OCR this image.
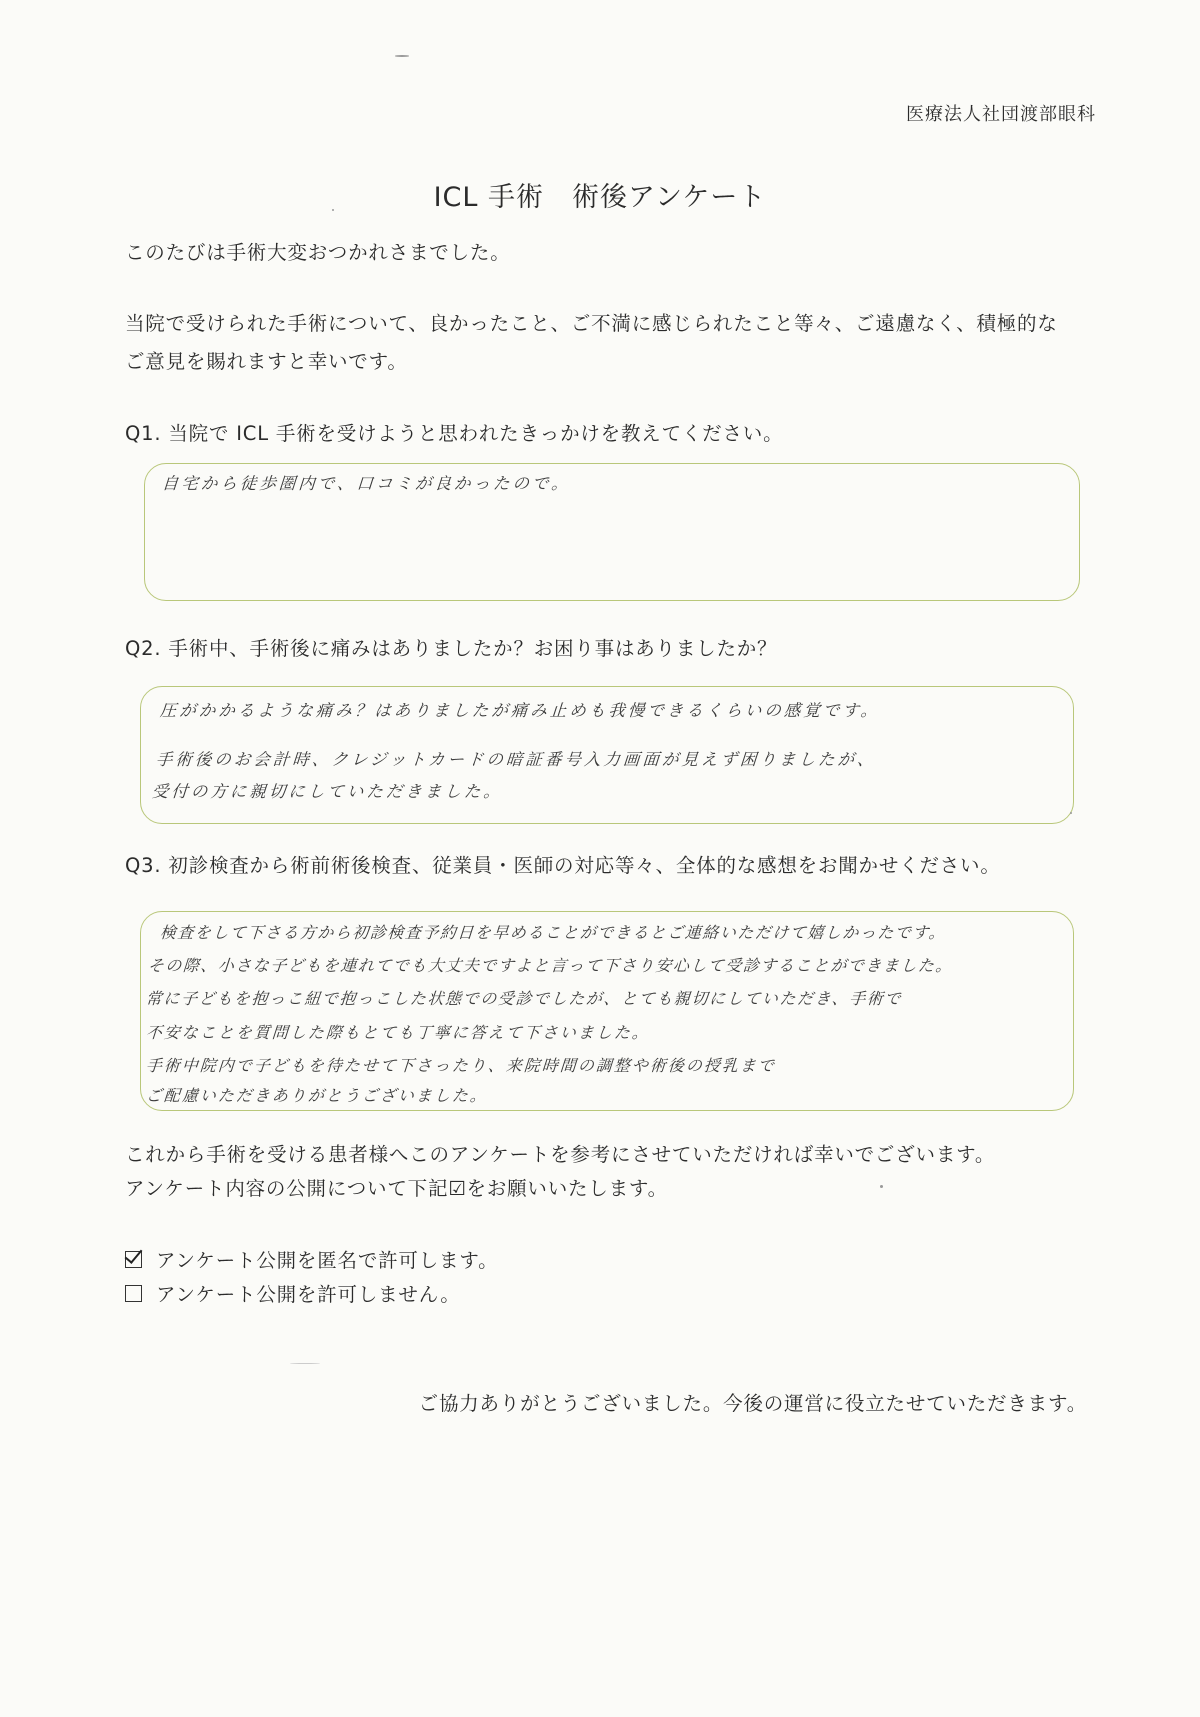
医療法人社団渡部眼科
ICL 手術　術後アンケート
このたびは手術大変おつかれさまでした。
当院で受けられた手術について、良かったこと、ご不満に感じられたこと等々、ご遠慮なく、積極的な
ご意見を賜れますと幸いです。
Q1. 当院で ICL 手術を受けようと思われたきっかけを教えてください。
自宅から徒歩圏内で、口コミが良かったので。
Q2. 手術中、手術後に痛みはありましたか？お困り事はありましたか？
圧がかかるような痛み？はありましたが痛み止めも我慢できるくらいの感覚です。
手術後のお会計時、クレジットカードの暗証番号入力画面が見えず困りましたが、
受付の方に親切にしていただきました。
Q3. 初診検査から術前術後検査、従業員・医師の対応等々、全体的な感想をお聞かせください。
検査をして下さる方から初診検査予約日を早めることができるとご連絡いただけて嬉しかったです。
その際、小さな子どもを連れてでも大丈夫ですよと言って下さり安心して受診することができました。
常に子どもを抱っこ紐で抱っこした状態での受診でしたが、とても親切にしていただき、手術で
不安なことを質問した際もとても丁寧に答えて下さいました。
手術中院内で子どもを待たせて下さったり、来院時間の調整や術後の授乳まで
ご配慮いただきありがとうございました。
これから手術を受ける患者様へこのアンケートを参考にさせていただければ幸いでございます。
アンケート内容の公開について下記☑をお願いいたします。
アンケート公開を匿名で許可します。
アンケート公開を許可しません。
ご協力ありがとうございました。今後の運営に役立たせていただきます。
